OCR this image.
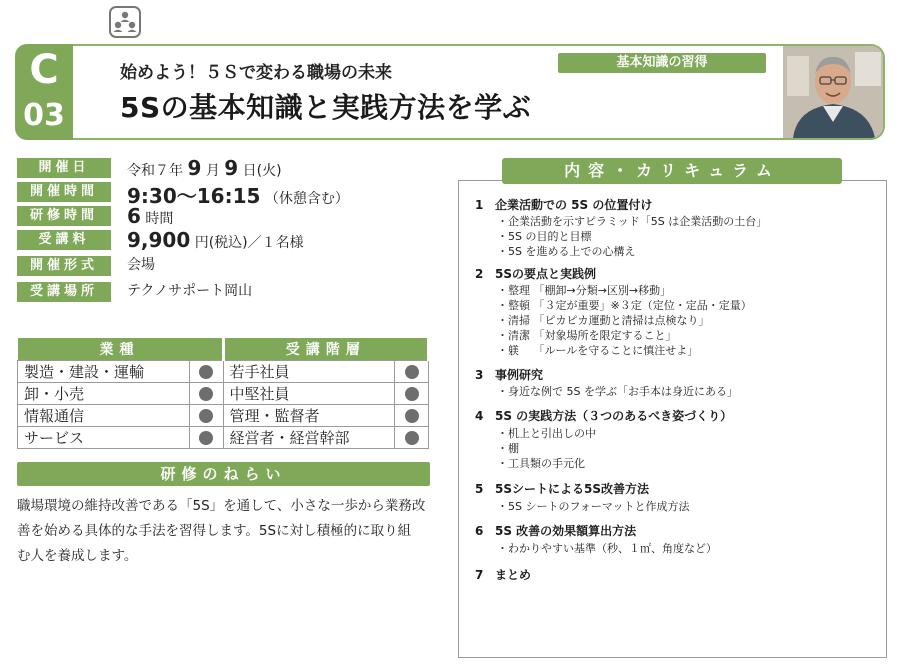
C
03
始めよう！５Ｓで変わる職場の未来
5Sの基本知識と実践方法を学ぶ
基本知識の習得
開催日	令和７年 9 月 9 日(火)
開催時間	9:30～16:15 （休憩含む）
研修時間	6 時間
受講料	9,900 円(税込)／１名様
開催形式	会場
受講場所	テクノサポート岡山
業種		受講階層	
製造・建設・運輸		若手社員	
卸・小売		中堅社員	
情報通信		管理・監督者	
サービス		経営者・経営幹部	
研修のねらい
職場環境の維持改善である「5S」を通して、小さな一歩から業務改
善を始める具体的な手法を習得します。5Sに対し積極的に取り組
む人を養成します。
内容・カリキュラム
1 企業活動での 5S の位置付け
・企業活動を示すピラミッド「5S は企業活動の土台」
・5S の目的と目標
・5S を進める上での心構え
2 5Sの要点と実践例
・整理 「棚卸→分類→区別→移動」
・整頓 「３定が重要」※３定（定位・定品・定量）
・清掃 「ピカピカ運動と清掃は点検なり」
・清潔 「対象場所を限定すること」
・躾　 「ルールを守ることに慎注せよ」
3 事例研究
・身近な例で 5S を学ぶ「お手本は身近にある」
4 5S の実践方法（３つのあるべき姿づくり）
・机上と引出しの中
・棚
・工具類の手元化
5 5Sシートによる5S改善方法
・5S シートのフォーマットと作成方法
6 5S 改善の効果額算出方法
・わかりやすい基準（秒、１㎡、角度など）
7 まとめ
